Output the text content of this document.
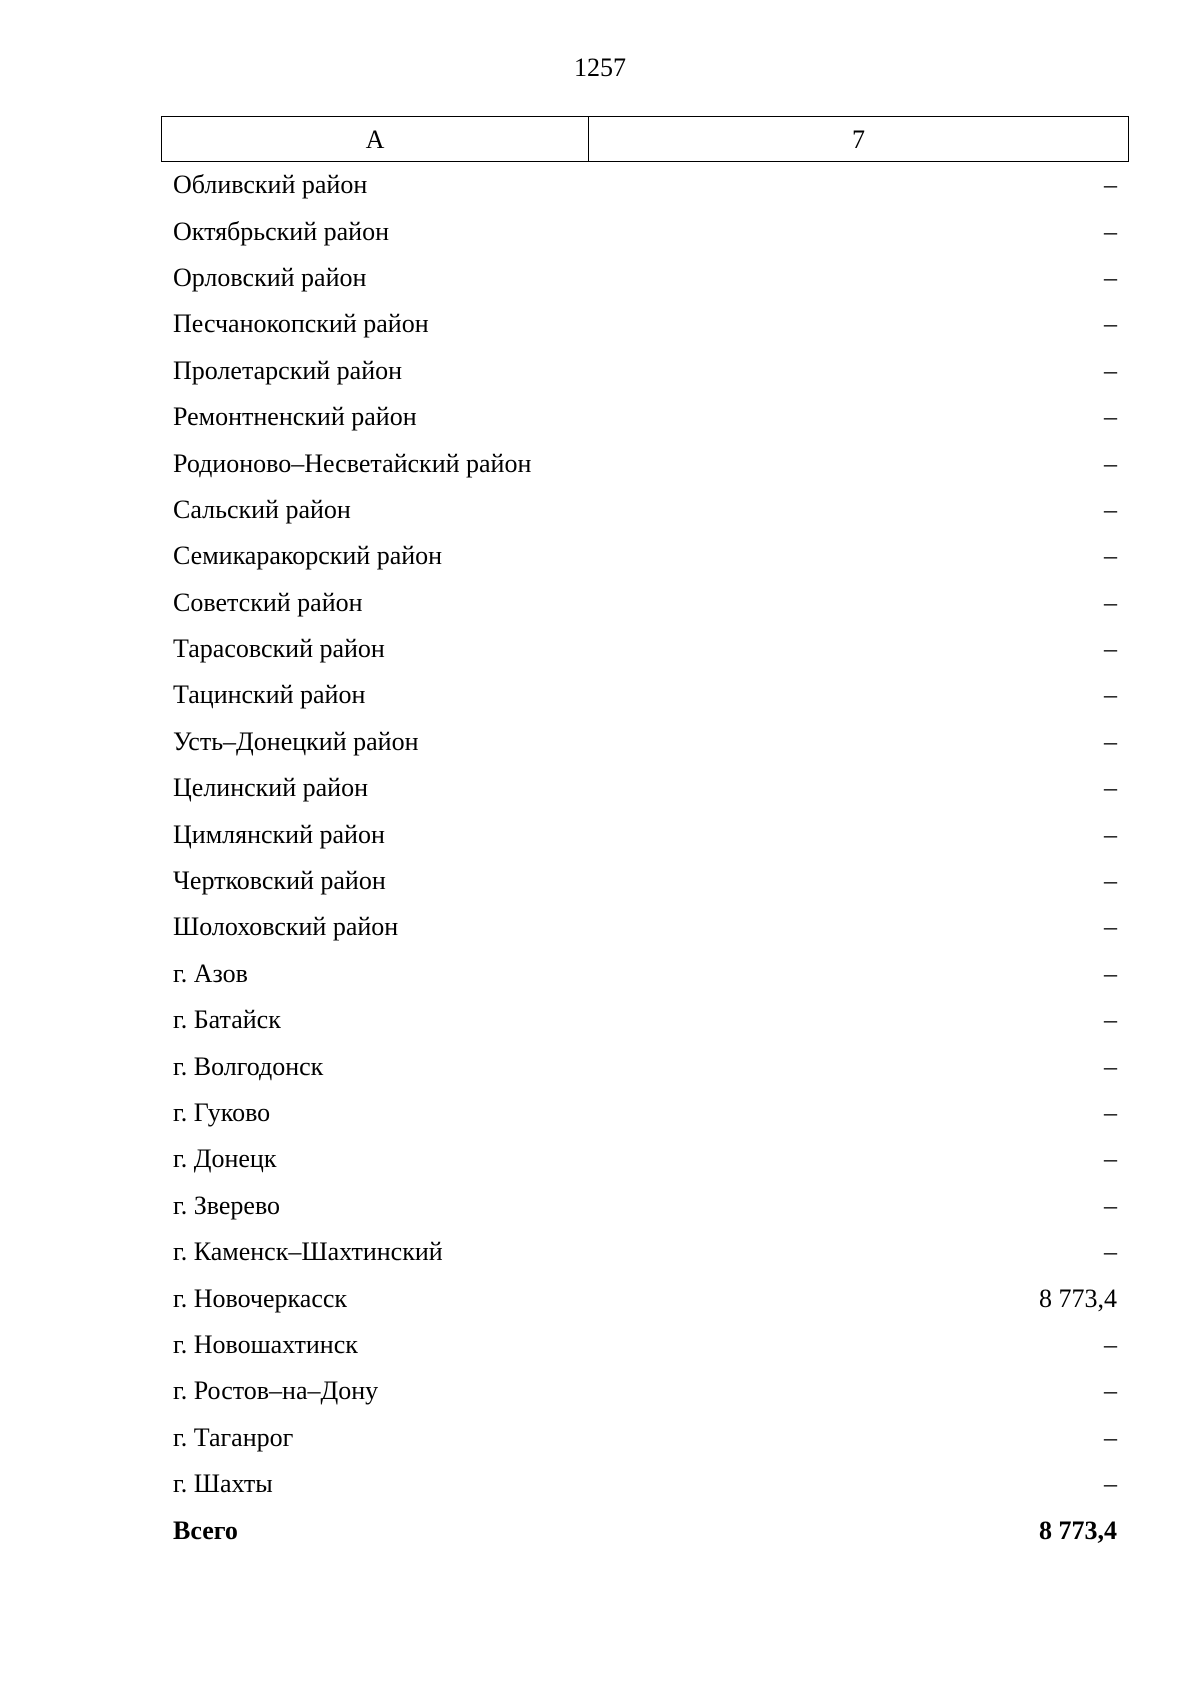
1257
А	7
Обливский район	–
Октябрьский район	–
Орловский район	–
Песчанокопский район	–
Пролетарский район	–
Ремонтненский район	–
Родионово–Несветайский район	–
Сальский район	–
Семикаракорский район	–
Советский район	–
Тарасовский район	–
Тацинский район	–
Усть–Донецкий район	–
Целинский район	–
Цимлянский район	–
Чертковский район	–
Шолоховский район	–
г. Азов	–
г. Батайск	–
г. Волгодонск	–
г. Гуково	–
г. Донецк	–
г. Зверево	–
г. Каменск–Шахтинский	–
г. Новочеркасск	8 773,4
г. Новошахтинск	–
г. Ростов–на–Дону	–
г. Таганрог	–
г. Шахты	–
Всего	8 773,4
